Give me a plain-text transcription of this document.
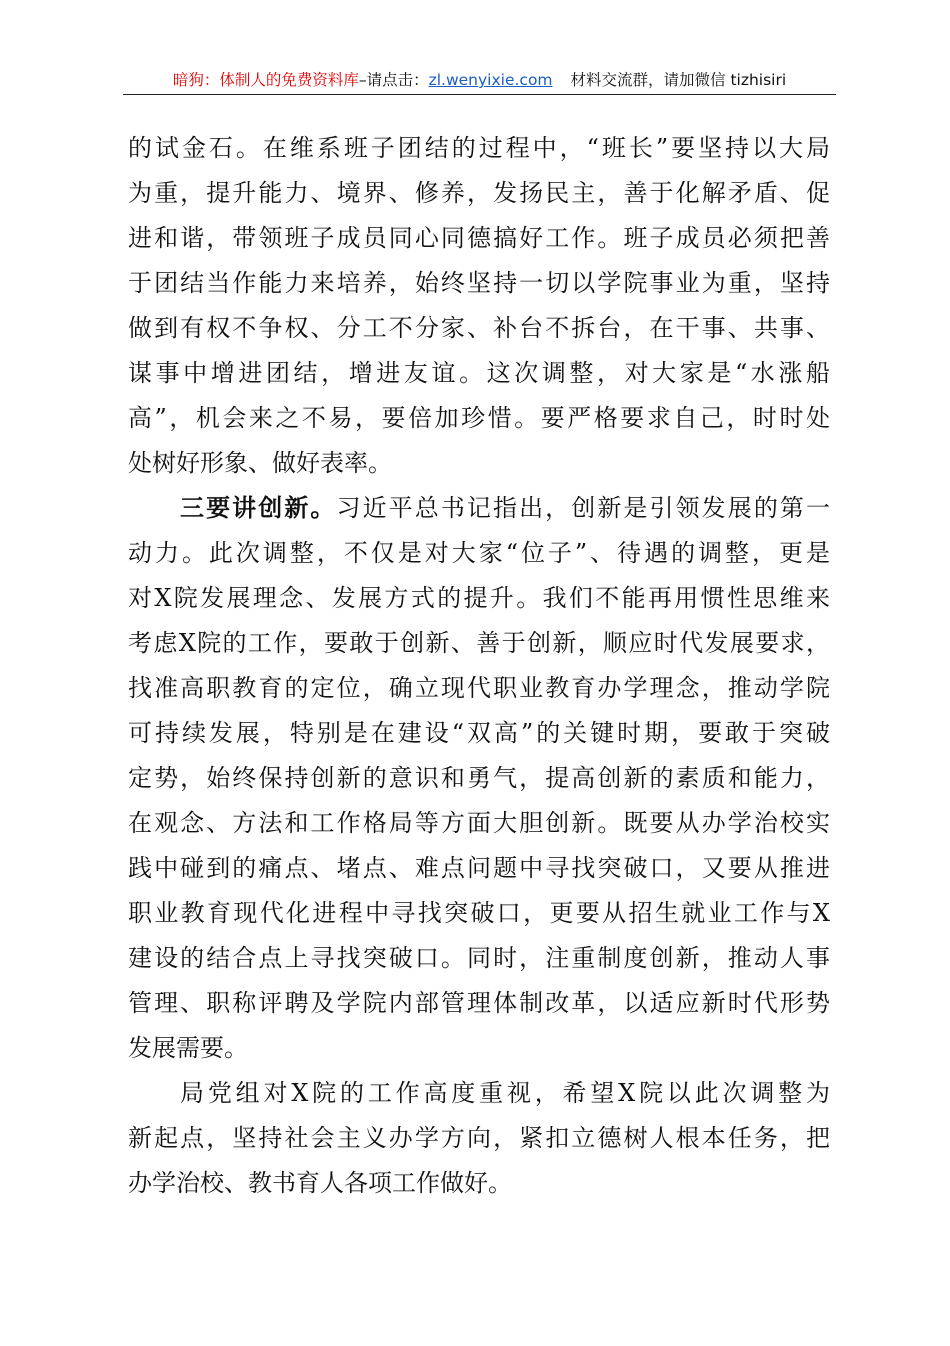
暗狗：体制人的免费资料库–请点击：zl.wenyixie.com 材料交流群，请加微信 tizhisiri
的试金石。在维系班子团结的过程中，“班长”要坚持以大局
为重，提升能力、境界、修养，发扬民主，善于化解矛盾、促
进和谐，带领班子成员同心同德搞好工作。班子成员必须把善
于团结当作能力来培养，始终坚持一切以学院事业为重，坚持
做到有权不争权、分工不分家、补台不拆台，在干事、共事、
谋事中增进团结，增进友谊。这次调整，对大家是“水涨船
高”，机会来之不易，要倍加珍惜。要严格要求自己，时时处
处树好形象、做好表率。
三要讲创新。习近平总书记指出，创新是引领发展的第一
动力。此次调整，不仅是对大家“位子”、待遇的调整，更是
对X院发展理念、发展方式的提升。我们不能再用惯性思维来
考虑X院的工作，要敢于创新、善于创新，顺应时代发展要求，
找准高职教育的定位，确立现代职业教育办学理念，推动学院
可持续发展，特别是在建设“双高”的关键时期，要敢于突破
定势，始终保持创新的意识和勇气，提高创新的素质和能力，
在观念、方法和工作格局等方面大胆创新。既要从办学治校实
践中碰到的痛点、堵点、难点问题中寻找突破口，又要从推进
职业教育现代化进程中寻找突破口，更要从招生就业工作与X
建设的结合点上寻找突破口。同时，注重制度创新，推动人事
管理、职称评聘及学院内部管理体制改革，以适应新时代形势
发展需要。
局党组对X院的工作高度重视，希望X院以此次调整为
新起点，坚持社会主义办学方向，紧扣立德树人根本任务，把
办学治校、教书育人各项工作做好。
